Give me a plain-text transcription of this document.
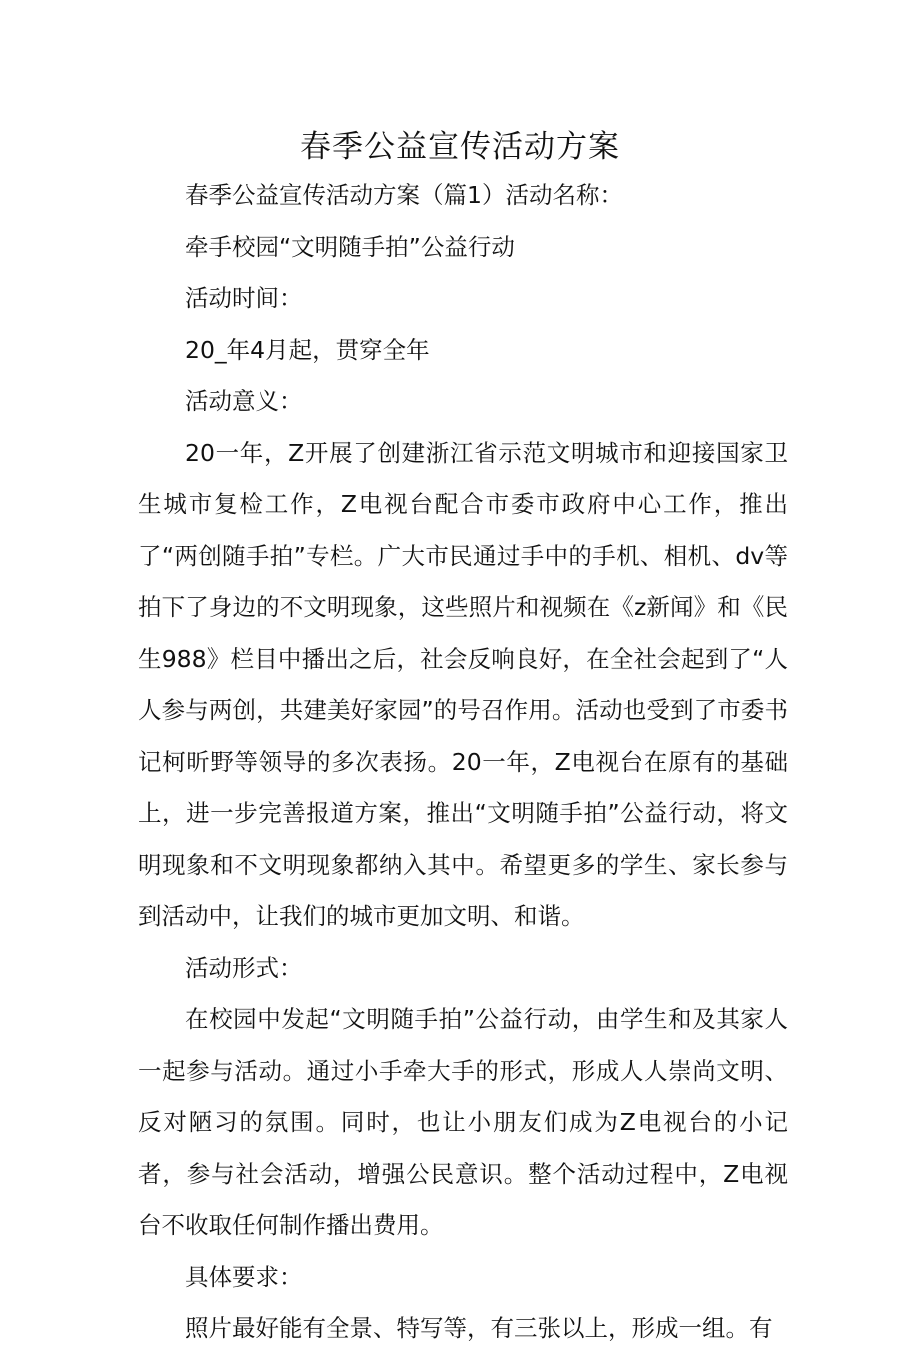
春季公益宣传活动方案

春季公益宣传活动方案（篇1）活动名称：

牵手校园“文明随手拍”公益行动

活动时间：

20_年4月起，贯穿全年

活动意义：

20一年，Z开展了创建浙江省示范文明城市和迎接国家卫生城市复检工作，Z电视台配合市委市政府中心工作，推出了“两创随手拍”专栏。广大市民通过手中的手机、相机、dv等拍下了身边的不文明现象，这些照片和视频在《z新闻》和《民生988》栏目中播出之后，社会反响良好，在全社会起到了“人人参与两创，共建美好家园”的号召作用。活动也受到了市委书记柯昕野等领导的多次表扬。20一年，Z电视台在原有的基础上，进一步完善报道方案，推出“文明随手拍”公益行动，将文明现象和不文明现象都纳入其中。希望更多的学生、家长参与到活动中，让我们的城市更加文明、和谐。

活动形式：

在校园中发起“文明随手拍”公益行动，由学生和及其家人一起参与活动。通过小手牵大手的形式，形成人人崇尚文明、反对陋习的氛围。同时，也让小朋友们成为Z电视台的小记者，参与社会活动，增强公民意识。整个活动过程中，Z电视台不收取任何制作播出费用。

具体要求：

照片最好能有全景、特写等，有三张以上，形成一组。有
